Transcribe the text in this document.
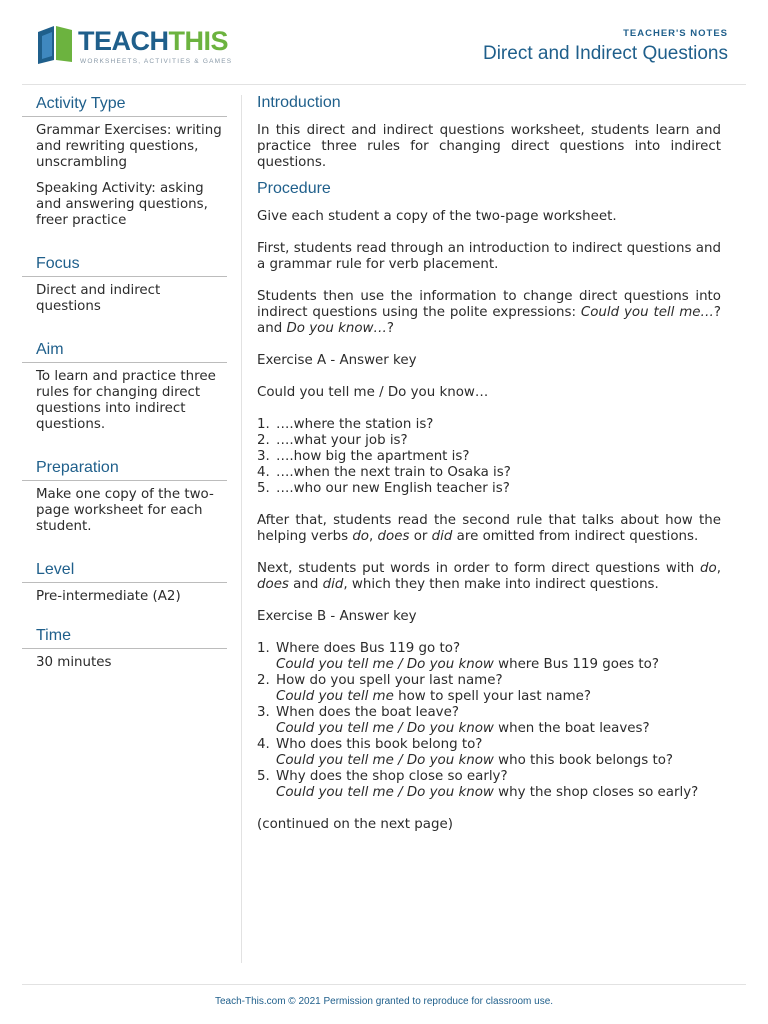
TEACHTHIS
WORKSHEETS, ACTIVITIES & GAMES
TEACHER'S NOTES
Direct and Indirect Questions
Activity Type

Grammar Exercises: writing and rewriting questions, unscrambling

Speaking Activity: asking and answering questions, freer practice

Focus

Direct and indirect questions

Aim

To learn and practice three rules for changing direct questions into indirect questions.

Preparation

Make one copy of the two-page worksheet for each student.

Level

Pre-intermediate (A2)

Time

30 minutes

Introduction

In this direct and indirect questions worksheet, students learn and practice three rules for changing direct questions into indirect questions.

Procedure

Give each student a copy of the two-page worksheet.

First, students read through an introduction to indirect questions and a grammar rule for verb placement.

Students then use the information to change direct questions into indirect questions using the polite expressions: Could you tell me…? and Do you know…?

Exercise A - Answer key

Could you tell me / Do you know…

1. ….where the station is?
2. ….what your job is?
3. ….how big the apartment is?
4. ….when the next train to Osaka is?
5. ….who our new English teacher is?

After that, students read the second rule that talks about how the helping verbs do, does or did are omitted from indirect questions.

Next, students put words in order to form direct questions with do, does and did, which they then make into indirect questions.

Exercise B - Answer key

1. Where does Bus 119 go to?
Could you tell me / Do you know where Bus 119 goes to?
2. How do you spell your last name?
Could you tell me how to spell your last name?
3. When does the boat leave?
Could you tell me / Do you know when the boat leaves?
4. Who does this book belong to?
Could you tell me / Do you know who this book belongs to?
5. Why does the shop close so early?
Could you tell me / Do you know why the shop closes so early?

(continued on the next page)

Teach-This.com © 2021 Permission granted to reproduce for classroom use.
